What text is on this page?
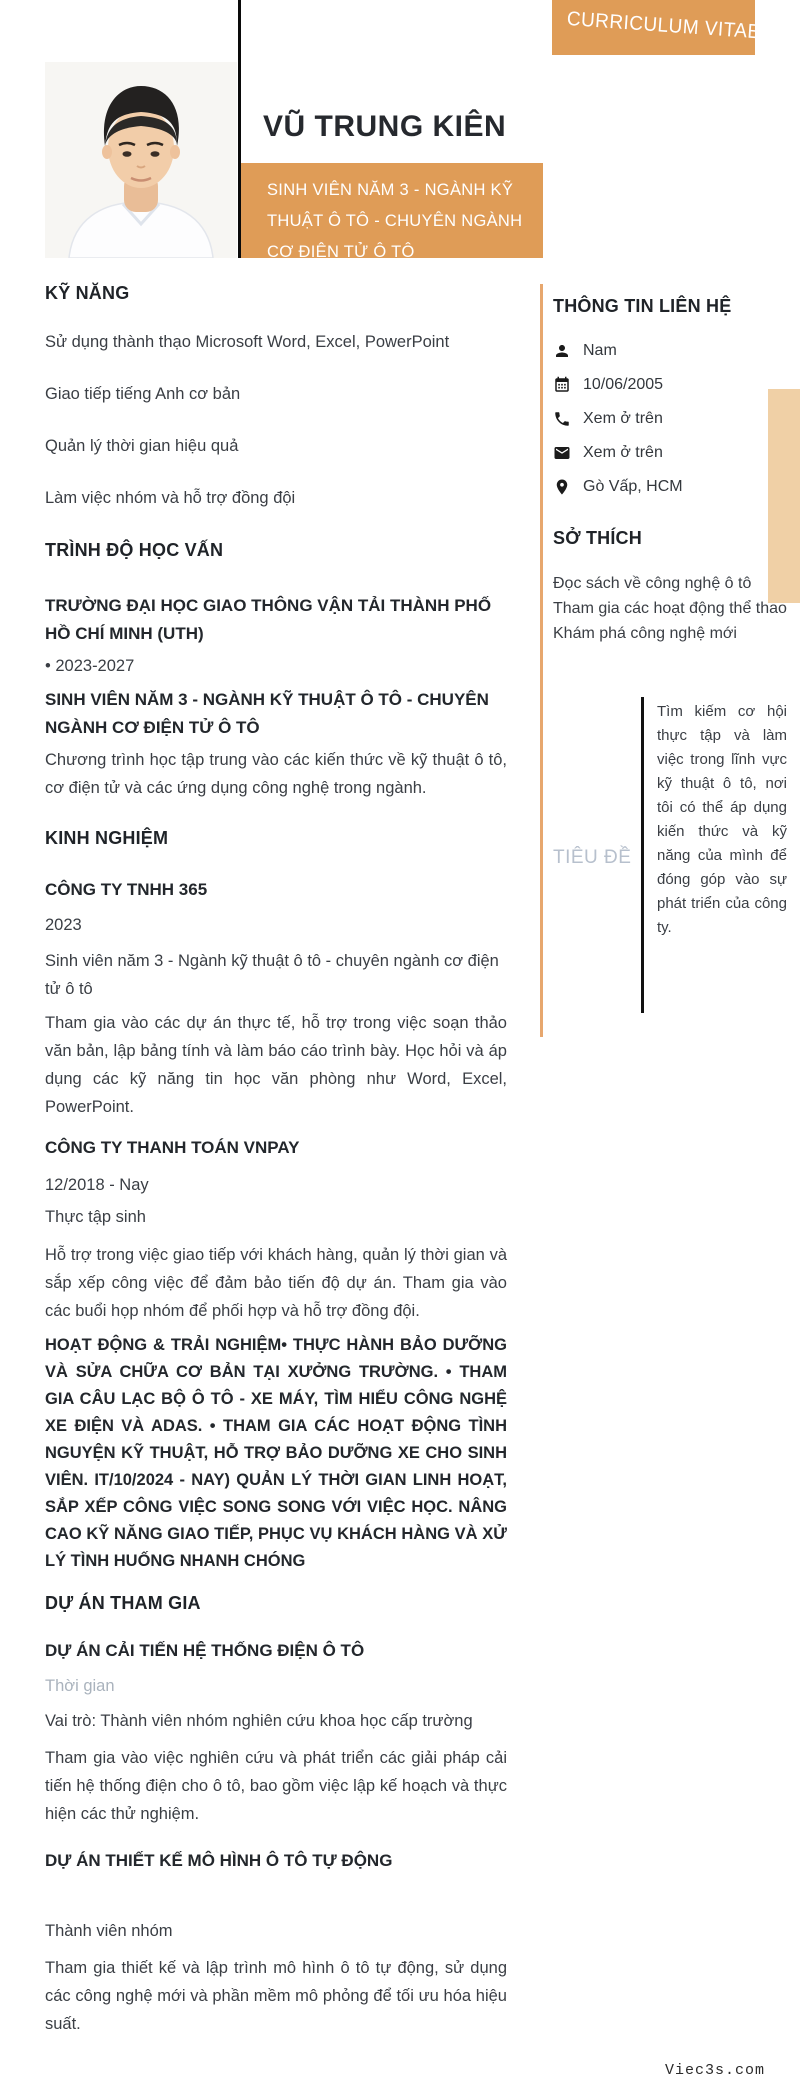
CURRICULUM VITAE
VŨ TRUNG KIÊN
SINH VIÊN NĂM 3 - NGÀNH KỸ THUẬT Ô TÔ - CHUYÊN NGÀNH CƠ ĐIỆN TỬ Ô TÔ
KỸ NĂNG
Sử dụng thành thạo Microsoft Word, Excel, PowerPoint
Giao tiếp tiếng Anh cơ bản
Quản lý thời gian hiệu quả
Làm việc nhóm và hỗ trợ đồng đội
TRÌNH ĐỘ HỌC VẤN
TRƯỜNG ĐẠI HỌC GIAO THÔNG VẬN TẢI THÀNH PHỐ HỒ CHÍ MINH (UTH)
• 2023-2027
SINH VIÊN NĂM 3 - NGÀNH KỸ THUẬT Ô TÔ - CHUYÊN NGÀNH CƠ ĐIỆN TỬ Ô TÔ
Chương trình học tập trung vào các kiến thức về kỹ thuật ô tô, cơ điện tử và các ứng dụng công nghệ trong ngành.
KINH NGHIỆM
CÔNG TY TNHH 365
2023
Sinh viên năm 3 - Ngành kỹ thuật ô tô - chuyên ngành cơ điện tử ô tô
Tham gia vào các dự án thực tế, hỗ trợ trong việc soạn thảo văn bản, lập bảng tính và làm báo cáo trình bày. Học hỏi và áp dụng các kỹ năng tin học văn phòng như Word, Excel, PowerPoint.
CÔNG TY THANH TOÁN VNPAY
12/2018 - Nay
Thực tập sinh
Hỗ trợ trong việc giao tiếp với khách hàng, quản lý thời gian và sắp xếp công việc để đảm bảo tiến độ dự án. Tham gia vào các buổi họp nhóm để phối hợp và hỗ trợ đồng đội.
HOẠT ĐỘNG & TRẢI NGHIỆM• THỰC HÀNH BẢO DƯỠNG VÀ SỬA CHỮA CƠ BẢN TẠI XƯỞNG TRƯỜNG. • THAM GIA CÂU LẠC BỘ Ô TÔ - XE MÁY, TÌM HIỂU CÔNG NGHỆ XE ĐIỆN VÀ ADAS. • THAM GIA CÁC HOẠT ĐỘNG TÌNH NGUYỆN KỸ THUẬT, HỖ TRỢ BẢO DƯỠNG XE CHO SINH VIÊN. IT/10/2024 - NAY) QUẢN LÝ THỜI GIAN LINH HOẠT, SẮP XẾP CÔNG VIỆC SONG SONG VỚI VIỆC HỌC. NÂNG CAO KỸ NĂNG GIAO TIẾP, PHỤC VỤ KHÁCH HÀNG VÀ XỬ LÝ TÌNH HUỐNG NHANH CHÓNG
DỰ ÁN THAM GIA
DỰ ÁN CẢI TIẾN HỆ THỐNG ĐIỆN Ô TÔ
Thời gian
Vai trò: Thành viên nhóm nghiên cứu khoa học cấp trường
Tham gia vào việc nghiên cứu và phát triển các giải pháp cải tiến hệ thống điện cho ô tô, bao gồm việc lập kế hoạch và thực hiện các thử nghiệm.
DỰ ÁN THIẾT KẾ MÔ HÌNH Ô TÔ TỰ ĐỘNG
Thành viên nhóm
Tham gia thiết kế và lập trình mô hình ô tô tự động, sử dụng các công nghệ mới và phần mềm mô phỏng để tối ưu hóa hiệu suất.
THÔNG TIN LIÊN HỆ
Nam
10/06/2005
Xem ở trên
Xem ở trên
Gò Vấp, HCM
SỞ THÍCH
Đọc sách về công nghệ ô tô
Tham gia các hoạt động thể thao
Khám phá công nghệ mới
TIÊU ĐỀ
Tìm kiếm cơ hội thực tập và làm việc trong lĩnh vực kỹ thuật ô tô, nơi tôi có thể áp dụng kiến thức và kỹ năng của mình để đóng góp vào sự phát triển của công ty.
Viec3s.com
